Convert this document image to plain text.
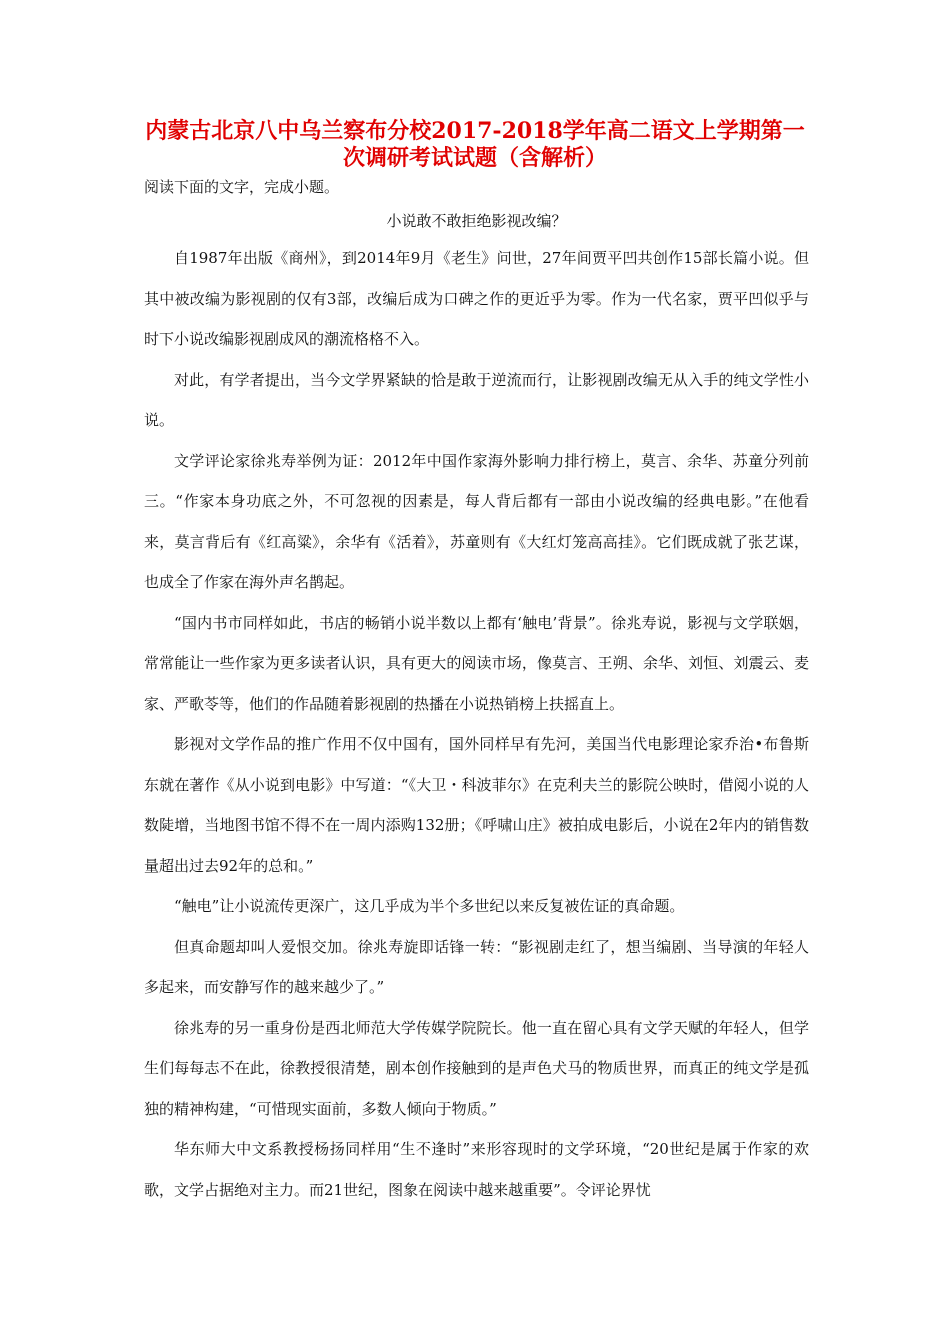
内蒙古北京八中乌兰察布分校2017-2018学年高二语文上学期第一次调研考试试题（含解析）

阅读下面的文字，完成小题。

小说敢不敢拒绝影视改编？

自1987年出版《商州》，到2014年9月《老生》问世，27年间贾平凹共创作15部长篇小说。但其中被改编为影视剧的仅有3部，改编后成为口碑之作的更近乎为零。作为一代名家，贾平凹似乎与时下小说改编影视剧成风的潮流格格不入。

对此，有学者提出，当今文学界紧缺的恰是敢于逆流而行，让影视剧改编无从入手的纯文学性小说。

文学评论家徐兆寿举例为证：2012年中国作家海外影响力排行榜上，莫言、余华、苏童分列前三。“作家本身功底之外，不可忽视的因素是，每人背后都有一部由小说改编的经典电影。”在他看来，莫言背后有《红高粱》，余华有《活着》，苏童则有《大红灯笼高高挂》。它们既成就了张艺谋，也成全了作家在海外声名鹊起。

“国内书市同样如此，书店的畅销小说半数以上都有‘触电’背景”。徐兆寿说，影视与文学联姻，常常能让一些作家为更多读者认识，具有更大的阅读市场，像莫言、王朔、余华、刘恒、刘震云、麦家、严歌苓等，他们的作品随着影视剧的热播在小说热销榜上扶摇直上。

影视对文学作品的推广作用不仅中国有，国外同样早有先河，美国当代电影理论家乔治•布鲁斯东就在著作《从小说到电影》中写道：“《大卫・科波菲尔》在克利夫兰的影院公映时，借阅小说的人数陡增，当地图书馆不得不在一周内添购132册；《呼啸山庄》被拍成电影后，小说在2年内的销售数量超出过去92年的总和。”

“触电”让小说流传更深广，这几乎成为半个多世纪以来反复被佐证的真命题。

但真命题却叫人爱恨交加。徐兆寿旋即话锋一转：“影视剧走红了，想当编剧、当导演的年轻人多起来，而安静写作的越来越少了。”

徐兆寿的另一重身份是西北师范大学传媒学院院长。他一直在留心具有文学天赋的年轻人，但学生们每每志不在此，徐教授很清楚，剧本创作接触到的是声色犬马的物质世界，而真正的纯文学是孤独的精神构建，“可惜现实面前，多数人倾向于物质。”

华东师大中文系教授杨扬同样用“生不逢时”来形容现时的文学环境，“20世纪是属于作家的欢歌，文学占据绝对主力。而21世纪，图象在阅读中越来越重要”。令评论界忧
